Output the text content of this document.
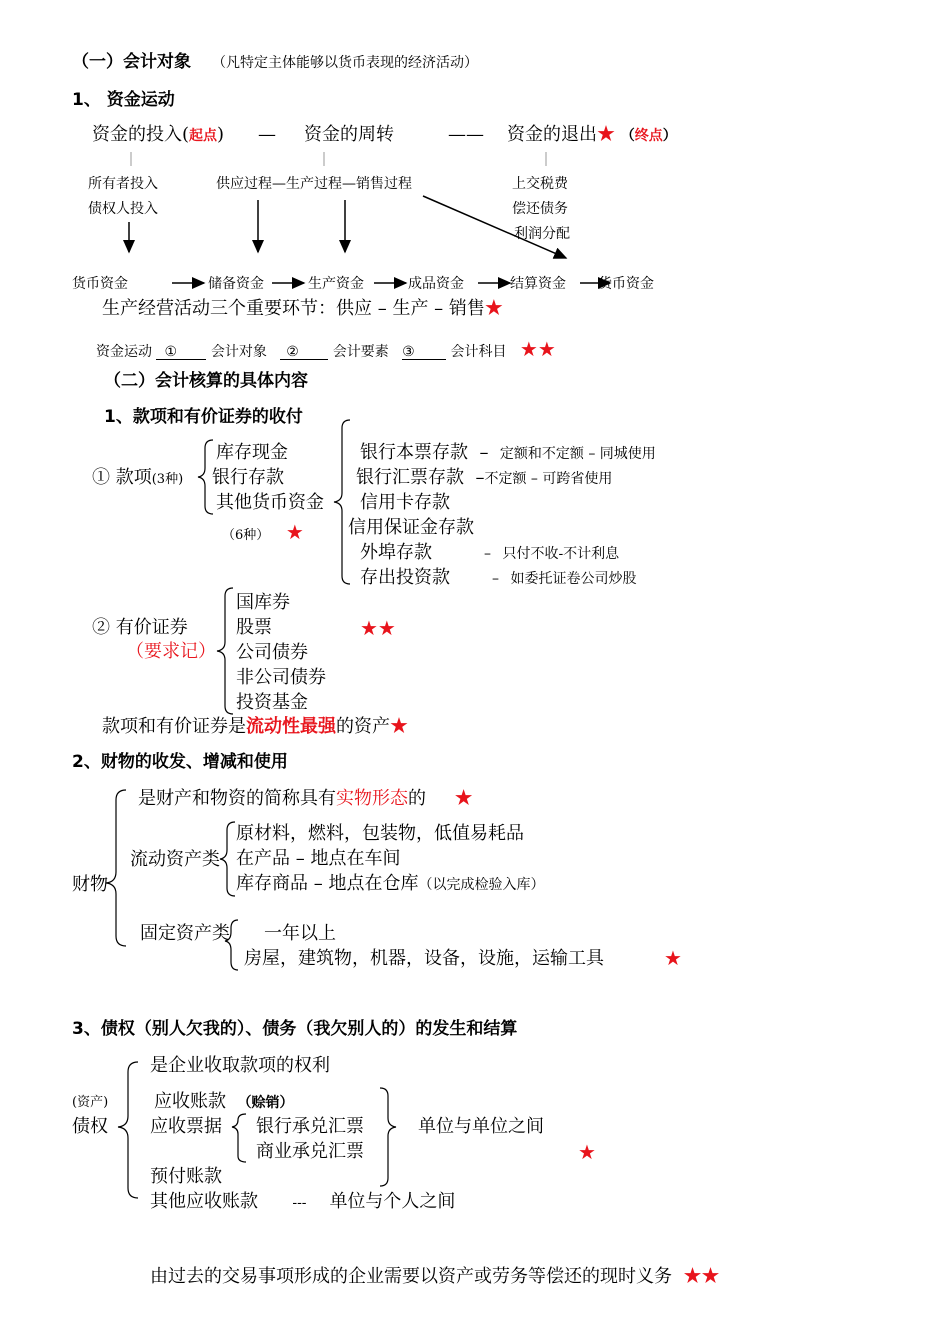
（一）会计对象 （凡特定主体能够以货币表现的经济活动）
1、 资金运动
资金的投入(起点) — 资金的周转	—— 资金的退出★ （终点）
所有者投入
债权人投入
供应过程—生产过程—销售过程	上交税费
偿还债务
利润分配
货币资金	储备资金	生产资金	成品资金	结算资金 货币资金
生产经营活动三个重要环节：供应 – 生产 – 销售★
资金运动 ① 会计对象 ② 会计要素 ③	会计科目 ★★
（二）会计核算的具体内容
1、款项和有价证券的收付
① 款项(3种)
库存现金
银行存款
其他货币资金
（6种） ★
银行本票存款 – 定额和不定额 – 同城使用
银行汇票存款 –不定额 – 可跨省使用
信用卡存款
信用保证金存款
外埠存款	– 只付不收-不计利息
存出投资款	– 如委托证卷公司炒股
② 有价证券
（要求记）
国库券
股票	★★
公司债券
非公司债券
投资基金
款项和有价证券是流动性最强的资产★
2、财物的收发、增减和使用
是财产和物资的简称具有实物形态的 ★
财物
流动资产类
原材料，燃料，包装物，低值易耗品
在产品 – 地点在车间
库存商品 – 地点在仓库（以完成检验入库）
固定资产类 一年以上
房屋，建筑物，机器，设备，设施，运输工具	★
3、债权（别人欠我的）、债务（我欠别人的）的发生和结算
是企业收取款项的权利
(资产)
债权
应收账款 （赊销）
应收票据 银行承兑汇票
商业承兑汇票
单位与单位之间
★
预付账款
其他应收账款 --- 单位与个人之间
由过去的交易事项形成的企业需要以资产或劳务等偿还的现时义务 ★★
